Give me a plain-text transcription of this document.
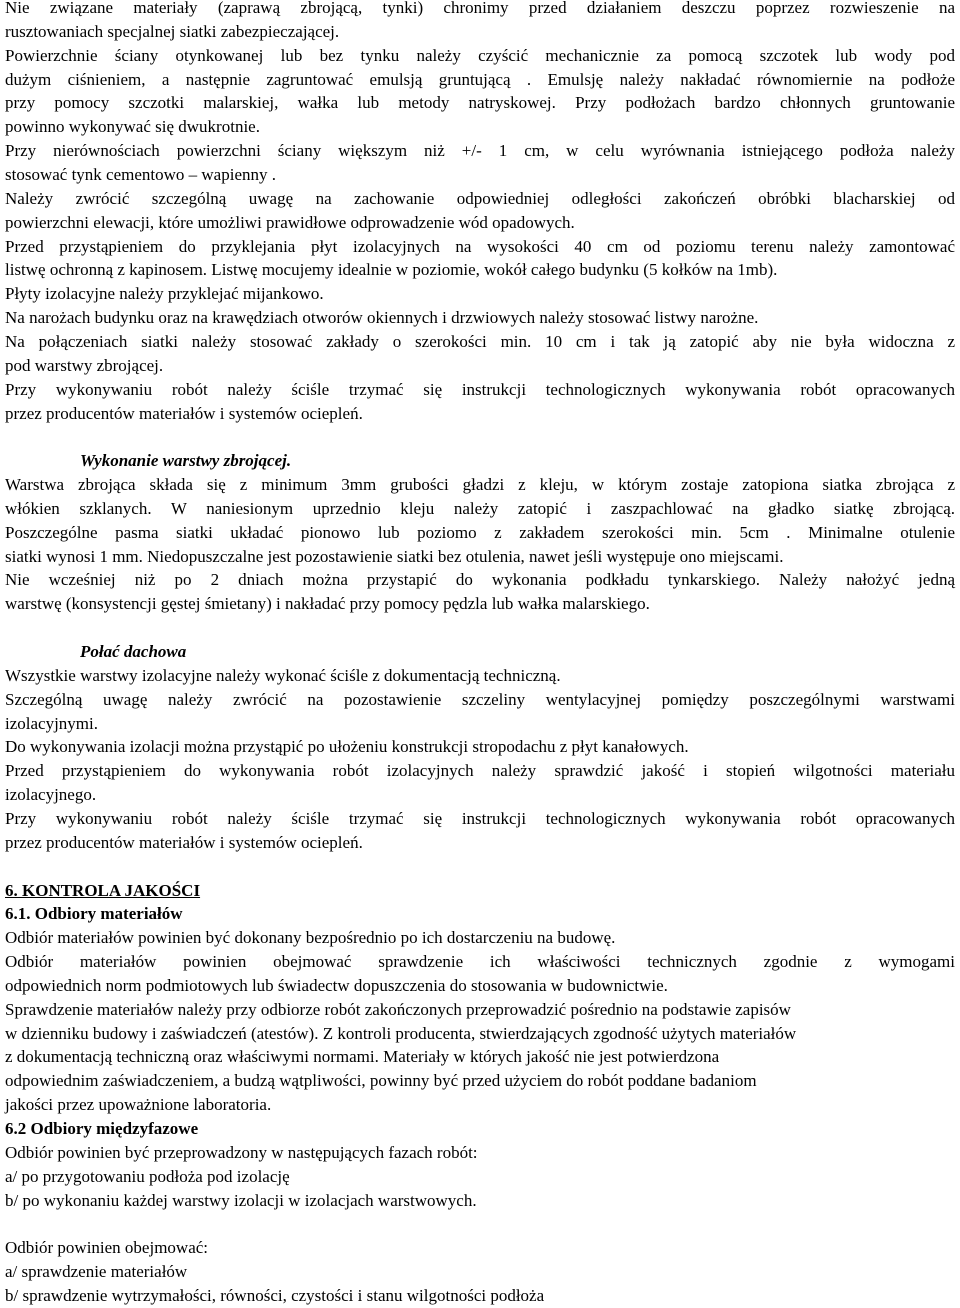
Nie związane materiały (zaprawą zbrojącą, tynki) chronimy przed działaniem deszczu poprzez rozwieszenie na
rusztowaniach specjalnej siatki zabezpieczającej.
Powierzchnie ściany otynkowanej lub bez tynku należy czyścić mechanicznie za pomocą szczotek lub wody pod
dużym ciśnieniem, a następnie zagruntować emulsją gruntującą . Emulsję należy nakładać równomiernie na podłoże
przy pomocy szczotki malarskiej, wałka lub metody natryskowej. Przy podłożach bardzo chłonnych gruntowanie
powinno wykonywać się dwukrotnie.
Przy nierównościach powierzchni ściany większym niż +/- 1 cm, w celu wyrównania istniejącego podłoża należy
stosować tynk cementowo – wapienny .
Należy zwrócić szczególną uwagę na zachowanie odpowiedniej odległości zakończeń obróbki blacharskiej od
powierzchni elewacji, które umożliwi prawidłowe odprowadzenie wód opadowych.
Przed przystąpieniem do przyklejania płyt izolacyjnych na wysokości 40 cm od poziomu terenu należy zamontować
listwę ochronną z kapinosem. Listwę mocujemy idealnie w poziomie, wokół całego budynku (5 kołków na 1mb).
Płyty izolacyjne należy przyklejać mijankowo.
Na narożach budynku oraz na krawędziach otworów okiennych i drzwiowych należy stosować listwy narożne.
Na połączeniach siatki należy stosować zakłady o szerokości min. 10 cm i tak ją zatopić aby nie była widoczna z
pod warstwy zbrojącej.
Przy wykonywaniu robót należy ściśle trzymać się instrukcji technologicznych wykonywania robót opracowanych
przez producentów materiałów i systemów ociepleń.
Wykonanie warstwy zbrojącej.
Warstwa zbrojąca składa się z minimum 3mm grubości gładzi z kleju, w którym zostaje zatopiona siatka zbrojąca z
włókien szklanych. W naniesionym uprzednio kleju należy zatopić i zaszpachlować na gładko siatkę zbrojącą.
Poszczególne pasma siatki układać pionowo lub poziomo z zakładem szerokości min. 5cm . Minimalne otulenie
siatki wynosi 1 mm. Niedopuszczalne jest pozostawienie siatki bez otulenia, nawet jeśli występuje ono miejscami.
Nie wcześniej niż po 2 dniach można przystapić do wykonania podkładu tynkarskiego. Należy nałożyć jedną
warstwę (konsystencji gęstej śmietany) i nakładać przy pomocy pędzla lub wałka malarskiego.
Połać dachowa
Wszystkie warstwy izolacyjne należy wykonać ściśle z dokumentacją techniczną.
Szczególną uwagę należy zwrócić na pozostawienie szczeliny wentylacyjnej pomiędzy poszczególnymi warstwami
izolacyjnymi.
Do wykonywania izolacji można przystąpić po ułożeniu konstrukcji stropodachu z płyt kanałowych.
Przed przystąpieniem do wykonywania robót izolacyjnych należy sprawdzić jakość i stopień wilgotności materiału
izolacyjnego.
Przy wykonywaniu robót należy ściśle trzymać się instrukcji technologicznych wykonywania robót opracowanych
przez producentów materiałów i systemów ociepleń.
6. KONTROLA JAKOŚCI
6.1. Odbiory materiałów
Odbiór materiałów powinien być dokonany bezpośrednio po ich dostarczeniu na budowę.
Odbiór materiałów powinien obejmować sprawdzenie ich właściwości technicznych zgodnie z wymogami
odpowiednich norm podmiotowych lub świadectw dopuszczenia do stosowania w budownictwie.
Sprawdzenie materiałów należy przy odbiorze robót zakończonych przeprowadzić pośrednio na podstawie zapisów
w dzienniku budowy i zaświadczeń (atestów). Z kontroli producenta, stwierdzających zgodność użytych materiałów
z dokumentacją techniczną oraz właściwymi normami. Materiały w których jakość nie jest potwierdzona
odpowiednim zaświadczeniem, a budzą wątpliwości, powinny być przed użyciem do robót poddane badaniom
jakości przez upoważnione laboratoria.
6.2 Odbiory międzyfazowe
Odbiór powinien być przeprowadzony w następujących fazach robót:
a/ po przygotowaniu podłoża pod izolację
b/ po wykonaniu każdej warstwy izolacji w izolacjach warstwowych.
Odbiór powinien obejmować:
a/ sprawdzenie materiałów
b/ sprawdzenie wytrzymałości, równości, czystości i stanu wilgotności podłoża
